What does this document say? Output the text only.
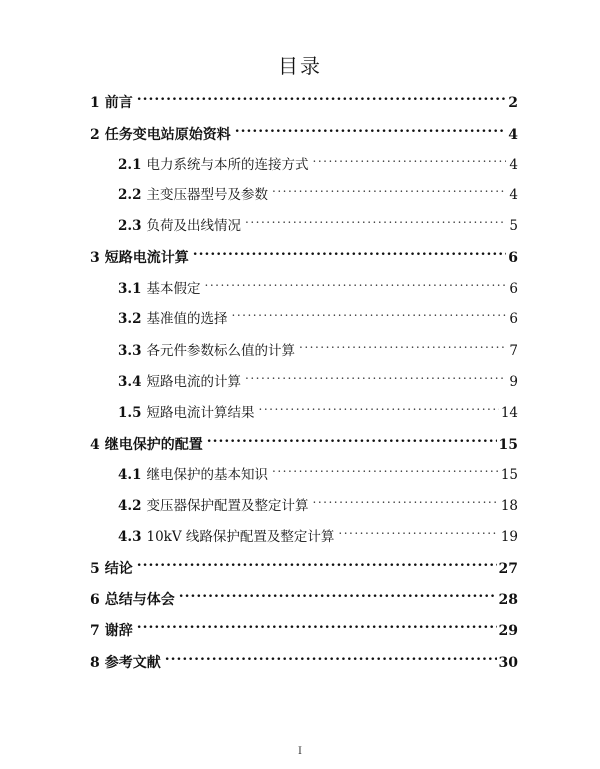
目录
1 前言 .....	2
2 任务变电站原始资料 .....	4
2.1 电力系统与本所的连接方式 .....	4
2.2 主变压器型号及参数 .....	4
2.3 负荷及出线情况 .....	5
3 短路电流计算 .....	6
3.1 基本假定 .....	6
3.2 基准值的选择 .....	6
3.3 各元件参数标么值的计算 .....	7
3.4 短路电流的计算 .....	9
1.5 短路电流计算结果 .....	14
4 继电保护的配置 .....	15
4.1 继电保护的基本知识 .....	15
4.2 变压器保护配置及整定计算 .....	18
4.3 10kV 线路保护配置及整定计算 .....	19
5 结论 .....	27
6 总结与体会 .....	28
7 谢辞 .....	29
8 参考文献 .....	30
I
